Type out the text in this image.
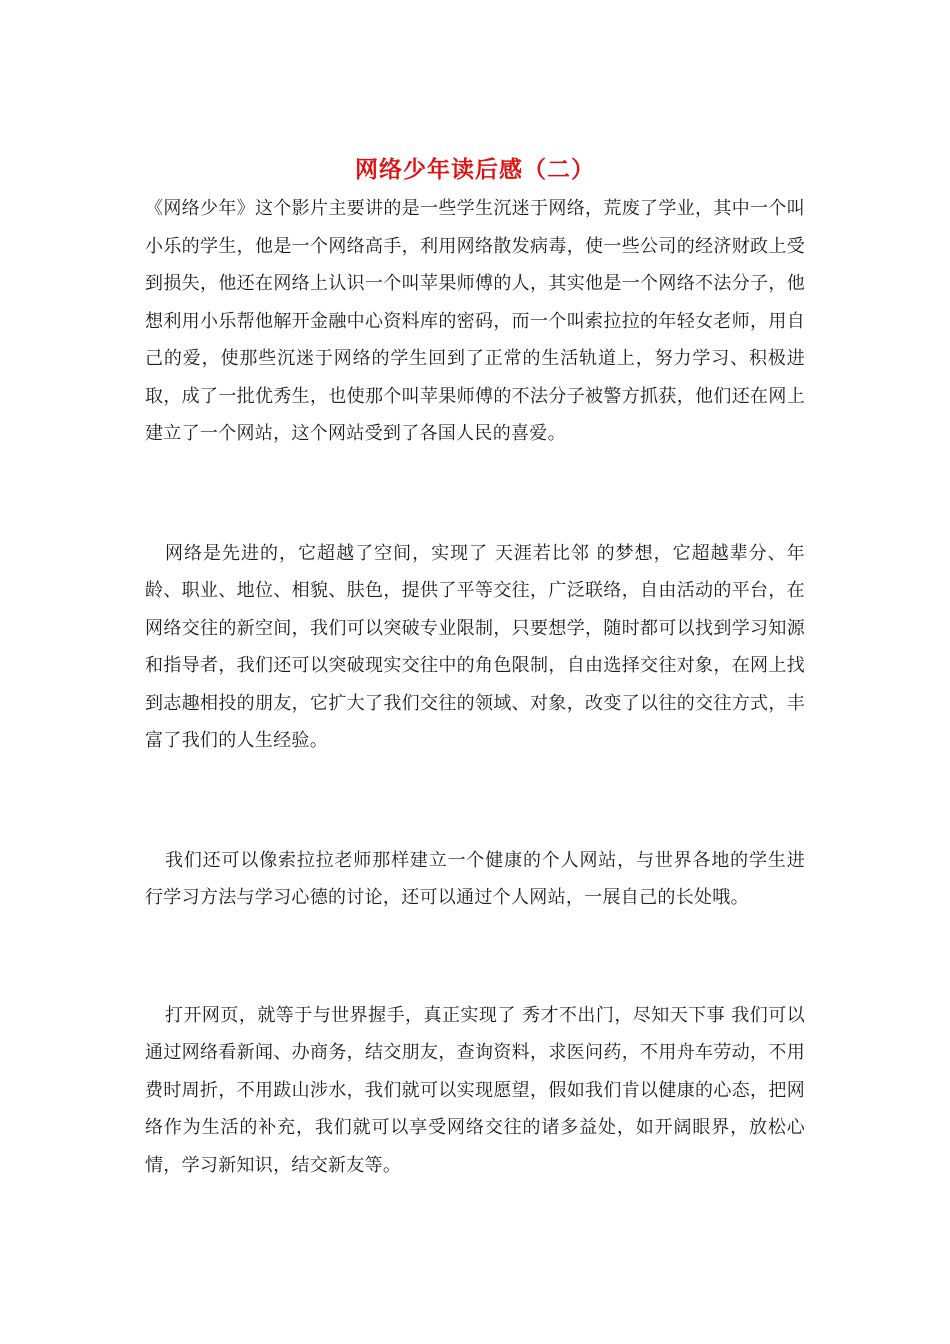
网络少年读后感（二）

《网络少年》这个影片主要讲的是一些学生沉迷于网络，荒废了学业，其中一个叫小乐的学生，他是一个网络高手，利用网络散发病毒，使一些公司的经济财政上受到损失，他还在网络上认识一个叫苹果师傅的人，其实他是一个网络不法分子，他想利用小乐帮他解开金融中心资料库的密码，而一个叫索拉拉的年轻女老师，用自己的爱，使那些沉迷于网络的学生回到了正常的生活轨道上，努力学习、积极进取，成了一批优秀生，也使那个叫苹果师傅的不法分子被警方抓获，他们还在网上建立了一个网站，这个网站受到了各国人民的喜爱。

网络是先进的，它超越了空间，实现了 天涯若比邻 的梦想，它超越辈分、年龄、职业、地位、相貌、肤色，提供了平等交往，广泛联络，自由活动的平台，在网络交往的新空间，我们可以突破专业限制，只要想学，随时都可以找到学习知源和指导者，我们还可以突破现实交往中的角色限制，自由选择交往对象，在网上找到志趣相投的朋友，它扩大了我们交往的领域、对象，改变了以往的交往方式，丰富了我们的人生经验。

我们还可以像索拉拉老师那样建立一个健康的个人网站，与世界各地的学生进行学习方法与学习心德的讨论，还可以通过个人网站，一展自己的长处哦。

打开网页，就等于与世界握手，真正实现了 秀才不出门，尽知天下事 我们可以通过网络看新闻、办商务，结交朋友，查询资料，求医问药，不用舟车劳动，不用费时周折，不用跋山涉水，我们就可以实现愿望，假如我们肯以健康的心态，把网络作为生活的补充，我们就可以享受网络交往的诸多益处，如开阔眼界，放松心情，学习新知识，结交新友等。
